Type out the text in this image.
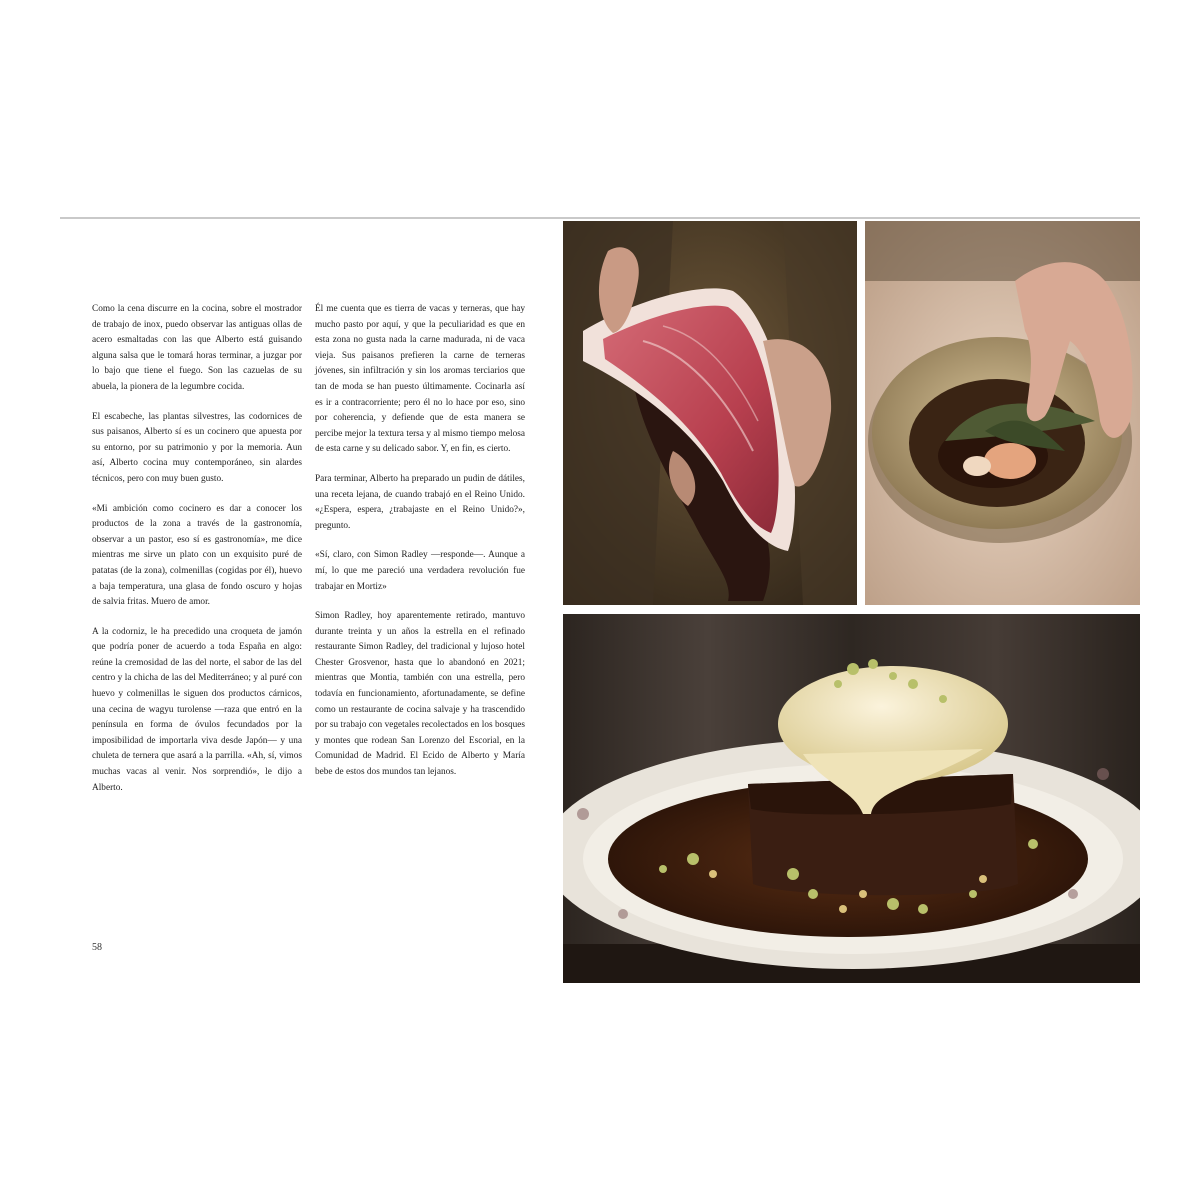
Como la cena discurre en la cocina, sobre el mostrador de trabajo de inox, puedo observar las antiguas ollas de acero esmaltadas con las que Alberto está guisando alguna salsa que le tomará horas terminar, a juzgar por lo bajo que tiene el fuego. Son las cazuelas de su abuela, la pionera de la legumbre cocida.

El escabeche, las plantas silvestres, las codornices de sus paisanos, Alberto sí es un cocinero que apuesta por su entorno, por su patrimonio y por la memoria. Aun así, Alberto cocina muy contemporáneo, sin alardes técnicos, pero con muy buen gusto.

«Mi ambición como cocinero es dar a conocer los productos de la zona a través de la gastronomía, observar a un pastor, eso sí es gastronomía», me dice mientras me sirve un plato con un exquisito puré de patatas (de la zona), colmenillas (cogidas por él), huevo a baja temperatura, una glasa de fondo oscuro y hojas de salvia fritas. Muero de amor.

A la codorniz, le ha precedido una croqueta de jamón que podría poner de acuerdo a toda España en algo: reúne la cremosidad de las del norte, el sabor de las del centro y la chicha de las del Mediterráneo; y al puré con huevo y colmenillas le siguen dos productos cárnicos, una cecina de wagyu turolense —raza que entró en la península en forma de óvulos fecundados por la imposibilidad de importarla viva desde Japón— y una chuleta de ternera que asará a la parrilla. «Ah, sí, vimos muchas vacas al venir. Nos sorprendió», le dijo a Alberto.

Él me cuenta que es tierra de vacas y terneras, que hay mucho pasto por aquí, y que la peculiaridad es que en esta zona no gusta nada la carne madurada, ni de vaca vieja. Sus paisanos prefieren la carne de terneras jóvenes, sin infiltración y sin los aromas terciarios que tan de moda se han puesto últimamente. Cocinarla así es ir a contracorriente; pero él no lo hace por eso, sino por coherencia, y defiende que de esta manera se percibe mejor la textura tersa y al mismo tiempo melosa de esta carne y su delicado sabor. Y, en fin, es cierto.

Para terminar, Alberto ha preparado un pudin de dátiles, una receta lejana, de cuando trabajó en el Reino Unido. «¿Espera, espera, ¿trabajaste en el Reino Unido?», pregunto.

«Sí, claro, con Simon Radley —responde—. Aunque a mí, lo que me pareció una verdadera revolución fue trabajar en Mortiz»

Simon Radley, hoy aparentemente retirado, mantuvo durante treinta y un años la estrella en el refinado restaurante Simon Radley, del tradicional y lujoso hotel Chester Grosvenor, hasta que lo abandonó en 2021; mientras que Montia, también con una estrella, pero todavía en funcionamiento, afortunadamente, se define como un restaurante de cocina salvaje y ha trascendido por su trabajo con vegetales recolectados en los bosques y montes que rodean San Lorenzo del Escorial, en la Comunidad de Madrid. El Ecido de Alberto y María bebe de estos dos mundos tan lejanos.

58
